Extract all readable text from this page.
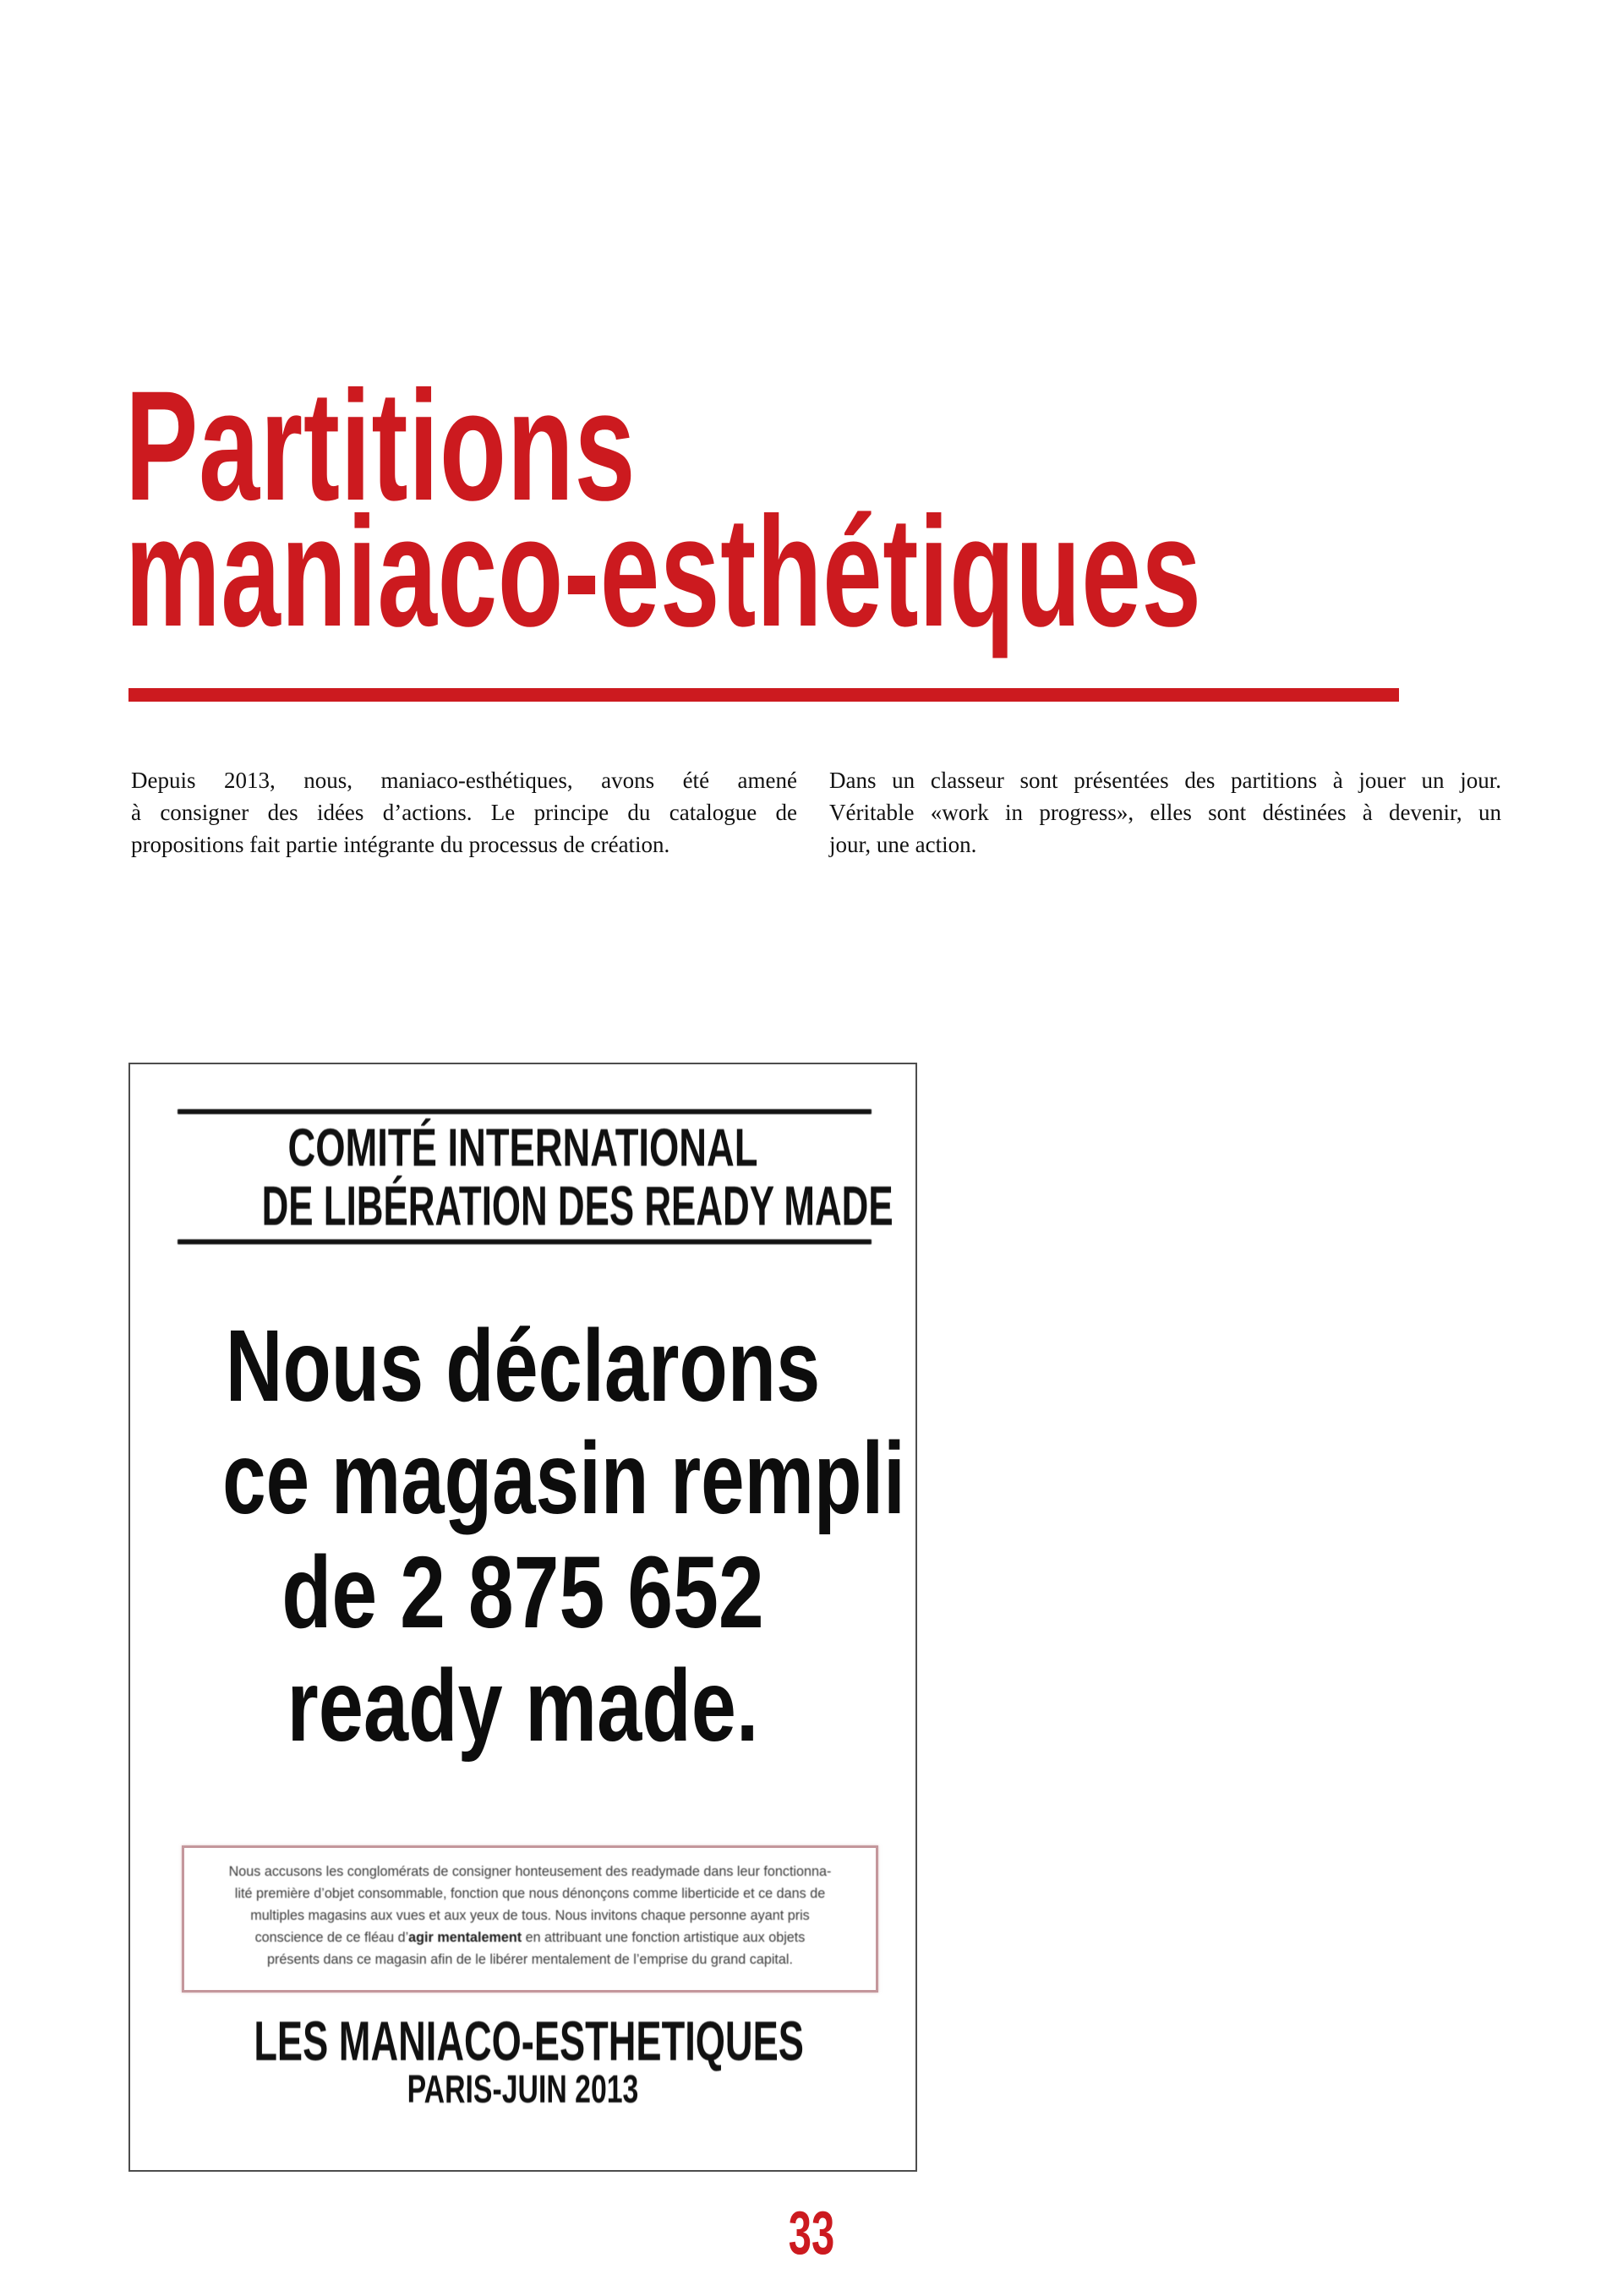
Partitions
maniaco-esthétiques
Depuis 2013, nous, maniaco-esthétiques, avons été amené
à consigner des idées d’actions. Le principe du catalogue de
propositions fait partie intégrante du processus de création.
Dans un classeur sont présentées des partitions à jouer un jour.
Véritable «work in progress», elles sont déstinées à devenir, un
jour, une action.
COMITÉ INTERNATIONAL
DE LIBÉRATION DES READY MADE
Nous déclarons
ce magasin rempli
de 2 875 652
ready made.
Nous accusons les conglomérats de consigner honteusement des readymade dans leur fonctionna-
lité première d’objet consommable, fonction que nous dénonçons comme liberticide et ce dans de
multiples magasins aux vues et aux yeux de tous. Nous invitons chaque personne ayant pris
conscience de ce fléau d’agir mentalement en attribuant une fonction artistique aux objets
présents dans ce magasin afin de le libérer mentalement de l’emprise du grand capital.
LES MANIACO-ESTHETIQUES
PARIS-JUIN 2013
33
